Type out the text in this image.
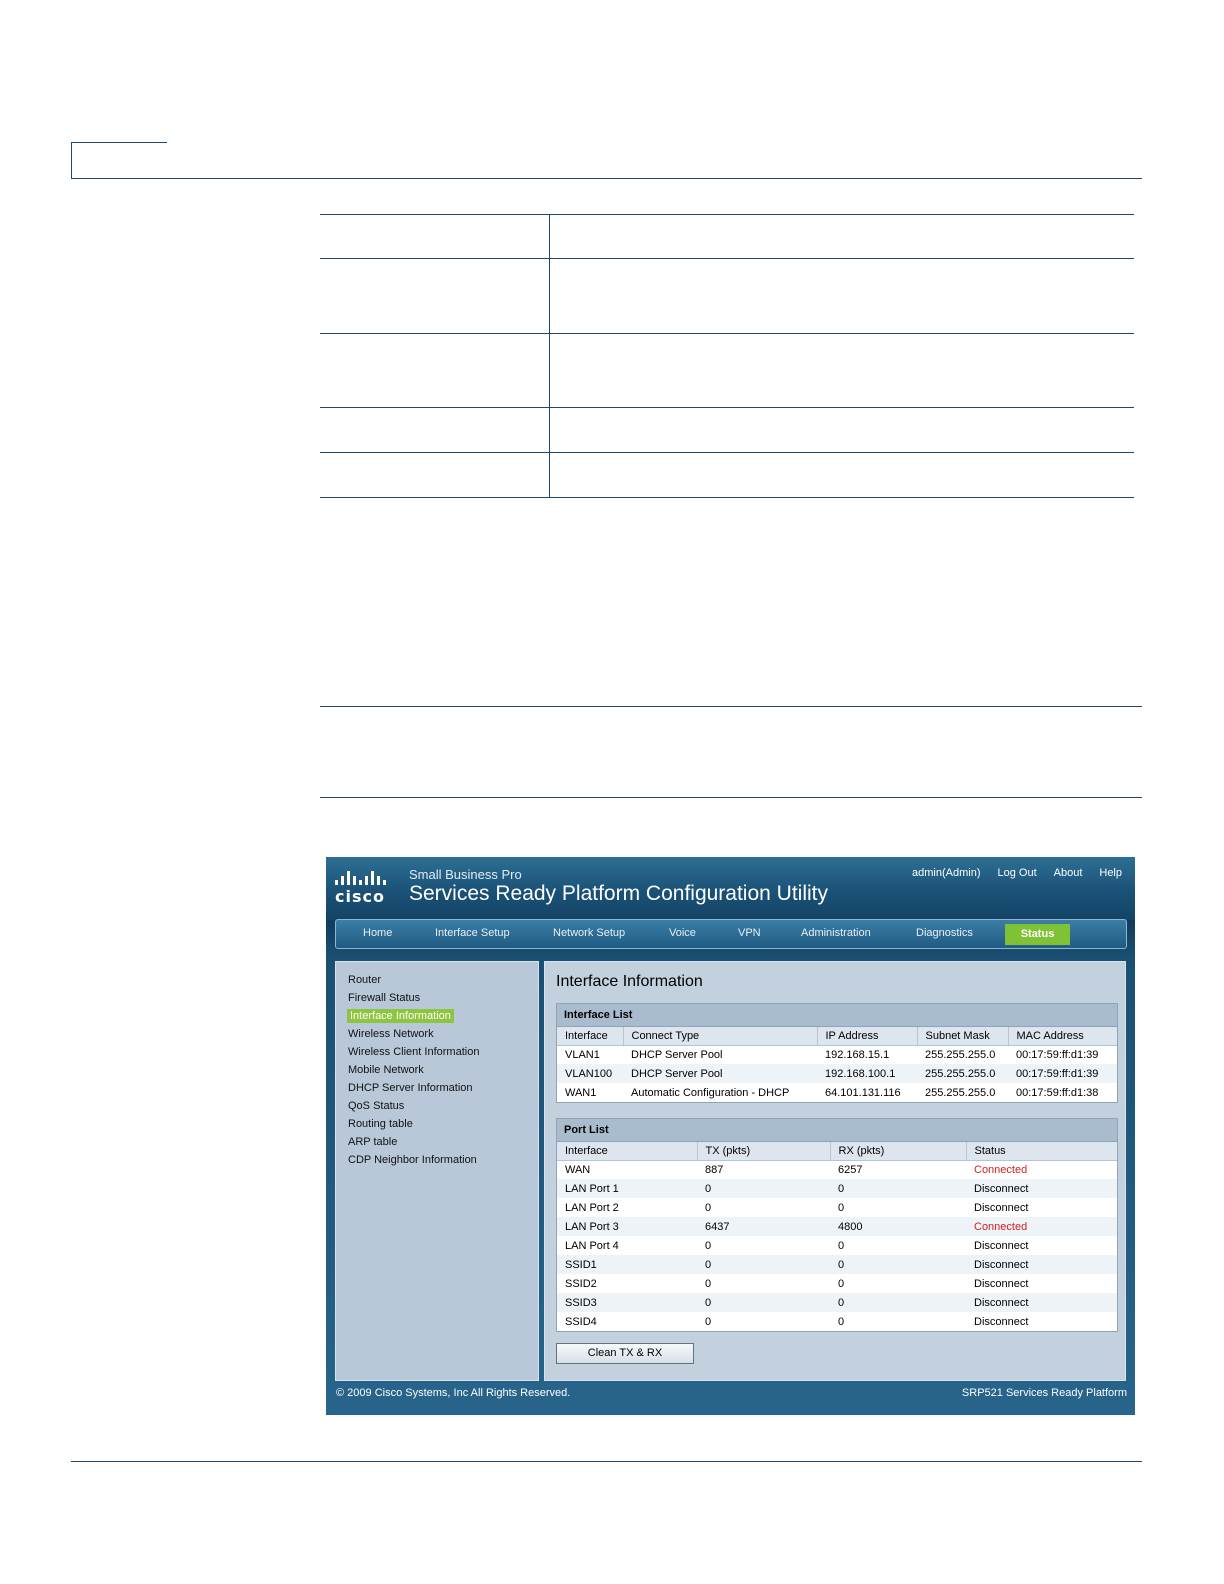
cisco
Small Business Pro
Services Ready Platform Configuration Utility
admin(Admin) Log Out About Help
Home	Interface Setup	Network Setup	Voice	VPN	Administration	Diagnostics	Status
Router
Firewall Status
Interface Information
Wireless Network
Wireless Client Information
Mobile Network
DHCP Server Information
QoS Status
Routing table
ARP table
CDP Neighbor Information
Interface Information
Interface List
Interface	Connect Type	IP Address	Subnet Mask	MAC Address
VLAN1	DHCP Server Pool	192.168.15.1	255.255.255.0	00:17:59:ff:d1:39
VLAN100	DHCP Server Pool	192.168.100.1	255.255.255.0	00:17:59:ff:d1:39
WAN1	Automatic Configuration - DHCP	64.101.131.116	255.255.255.0	00:17:59:ff:d1:38
Port List
Interface	TX (pkts)	RX (pkts)	Status
WAN	887	6257	Connected
LAN Port 1	0	0	Disconnect
LAN Port 2	0	0	Disconnect
LAN Port 3	6437	4800	Connected
LAN Port 4	0	0	Disconnect
SSID1	0	0	Disconnect
SSID2	0	0	Disconnect
SSID3	0	0	Disconnect
SSID4	0	0	Disconnect
Clean TX & RX
© 2009 Cisco Systems, Inc All Rights Reserved.	SRP521 Services Ready Platform
